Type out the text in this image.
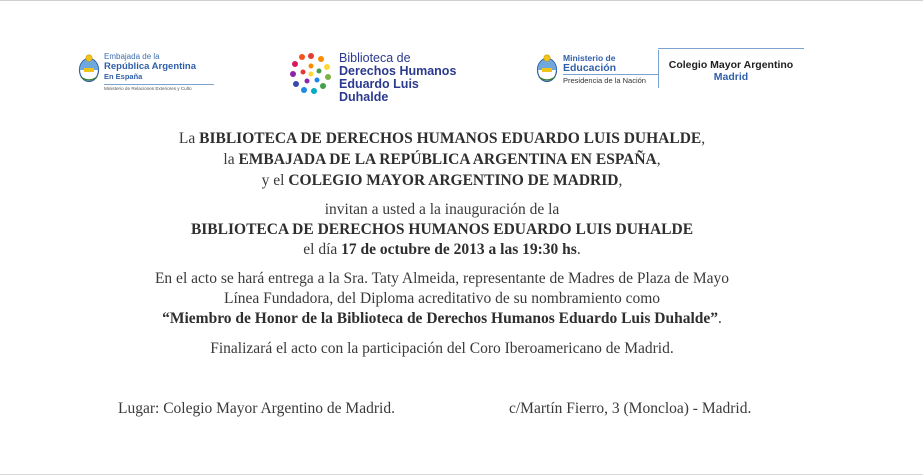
Embajada de la
República Argentina
En España
Ministerio de Relaciones Exteriores y Culto
Biblioteca de
Derechos Humanos
Eduardo Luis Duhalde
Ministerio de
Educación
Presidencia de la Nación
Colegio Mayor Argentino
Madrid
La BIBLIOTECA DE DERECHOS HUMANOS EDUARDO LUIS DUHALDE,
la EMBAJADA DE LA REPÚBLICA ARGENTINA EN ESPAÑA,
y el COLEGIO MAYOR ARGENTINO DE MADRID,
invitan a usted a la inauguración de la
BIBLIOTECA DE DERECHOS HUMANOS EDUARDO LUIS DUHALDE
el día 17 de octubre de 2013 a las 19:30 hs.
En el acto se hará entrega a la Sra. Taty Almeida, representante de Madres de Plaza de Mayo
Línea Fundadora, del Diploma acreditativo de su nombramiento como
“Miembro de Honor de la Biblioteca de Derechos Humanos Eduardo Luis Duhalde”.
Finalizará el acto con la participación del Coro Iberoamericano de Madrid.
Lugar: Colegio Mayor Argentino de Madrid.	c/Martín Fierro, 3 (Moncloa) - Madrid.
